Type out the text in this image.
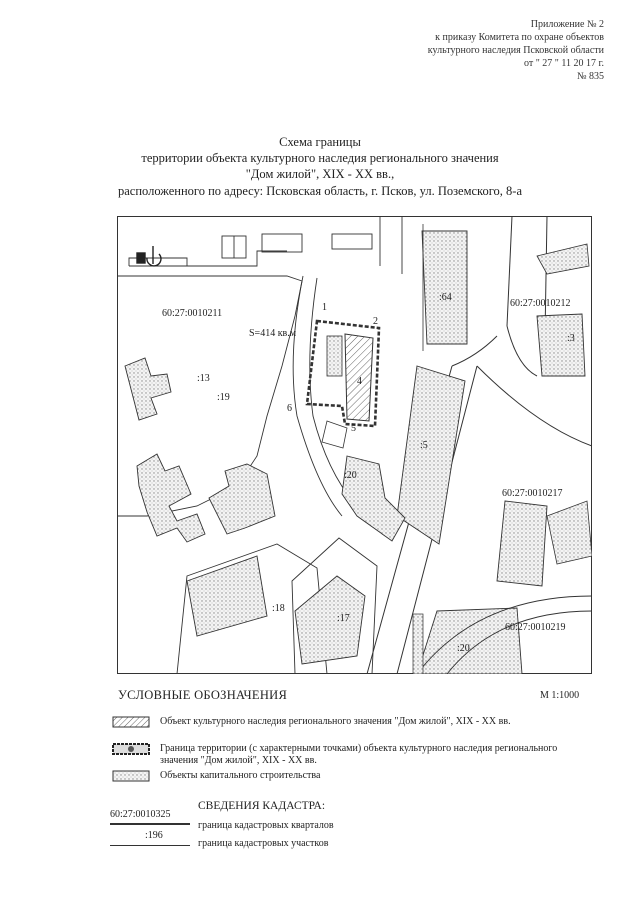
Приложение № 2
к приказу Комитета по охране объектов
культурного наследия Псковской области
от " 27 " 11 20 17 г.
№ 835
Схема границы
территории объекта культурного наследия регионального значения
"Дом жилой", XIX - XX вв.,
расположенного по адресу: Псковская область, г. Псков, ул. Поземского, 8-а
60:27:0010211
60:27:0010212
60:27:0010217
60:27:0010219
S=414 кв.м
:64
:3
:13
:19
:5
:20
:18
:17
:20
1
2
5
6
4
УСЛОВНЫЕ ОБОЗНАЧЕНИЯ	М 1:1000
Объект культурного наследия регионального значения "Дом жилой", XIX - XX вв.
Граница территории (с характерными точками) объекта культурного наследия регионального значения "Дом жилой", XIX - XX вв.
Объекты капитального строительства
СВЕДЕНИЯ КАДАСТРА:
60:27:0010325
граница кадастровых кварталов
:196
граница кадастровых участков
